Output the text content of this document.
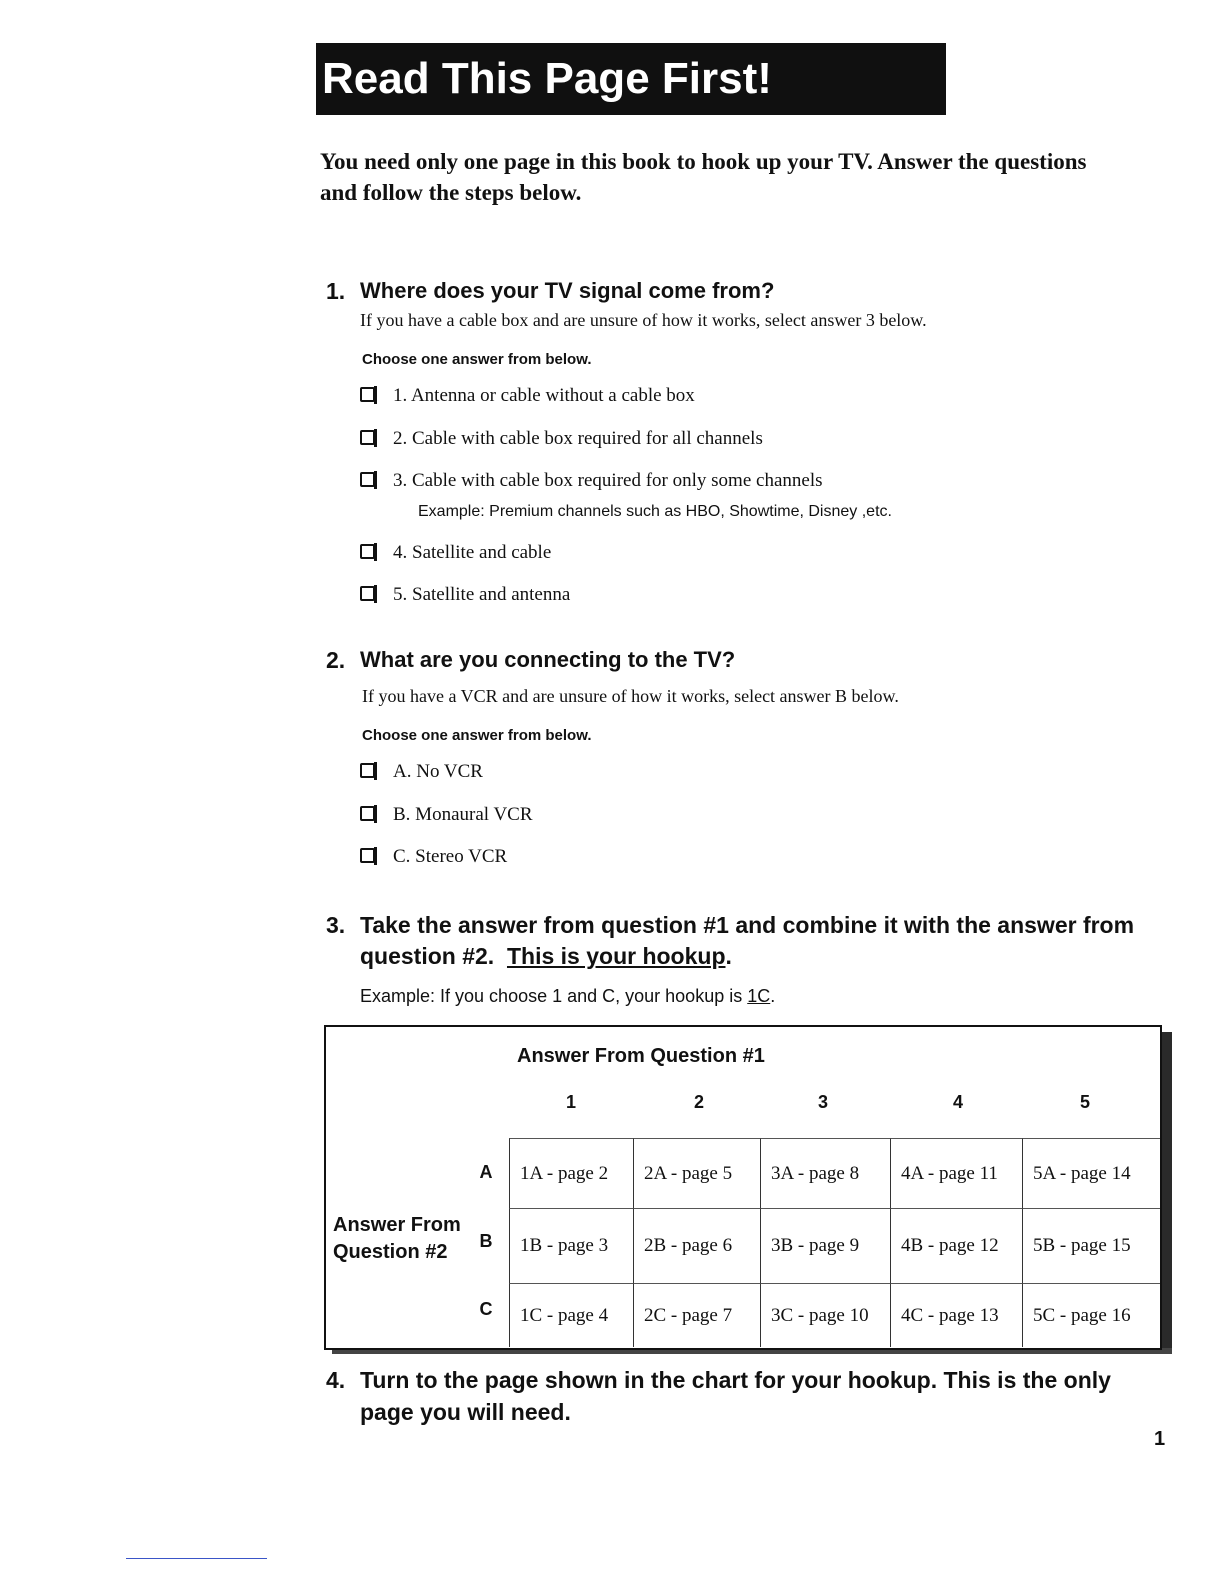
Read This Page First!
You need only one page in this book to hook up your TV. Answer the questions and follow the steps below.
1. Where does your TV signal come from?
If you have a cable box and are unsure of how it works, select answer 3 below.
Choose one answer from below.
1. Antenna or cable without a cable box
2. Cable with cable box required for all channels
3. Cable with cable box required for only some channels
Example: Premium channels such as HBO, Showtime, Disney ,etc.
4. Satellite and cable
5. Satellite and antenna
2. What are you connecting to the TV?
If you have a VCR and are unsure of how it works, select answer B below.
Choose one answer from below.
A. No VCR
B. Monaural VCR
C. Stereo VCR
3. Take the answer from question #1 and combine it with the answer from
question #2. This is your hookup.
Example: If you choose 1 and C, your hookup is 1C.
Answer From Question #1
1	2	3	4	5
Answer From
Question #2
A
B
C
1A - page 2	2A - page 5	3A - page 8	4A - page 11	5A - page 14
1B - page 3	2B - page 6	3B - page 9	4B - page 12	5B - page 15
1C - page 4	2C - page 7	3C - page 10	4C - page 13	5C - page 16
4. Turn to the page shown in the chart for your hookup. This is the only
page you will need.
1
